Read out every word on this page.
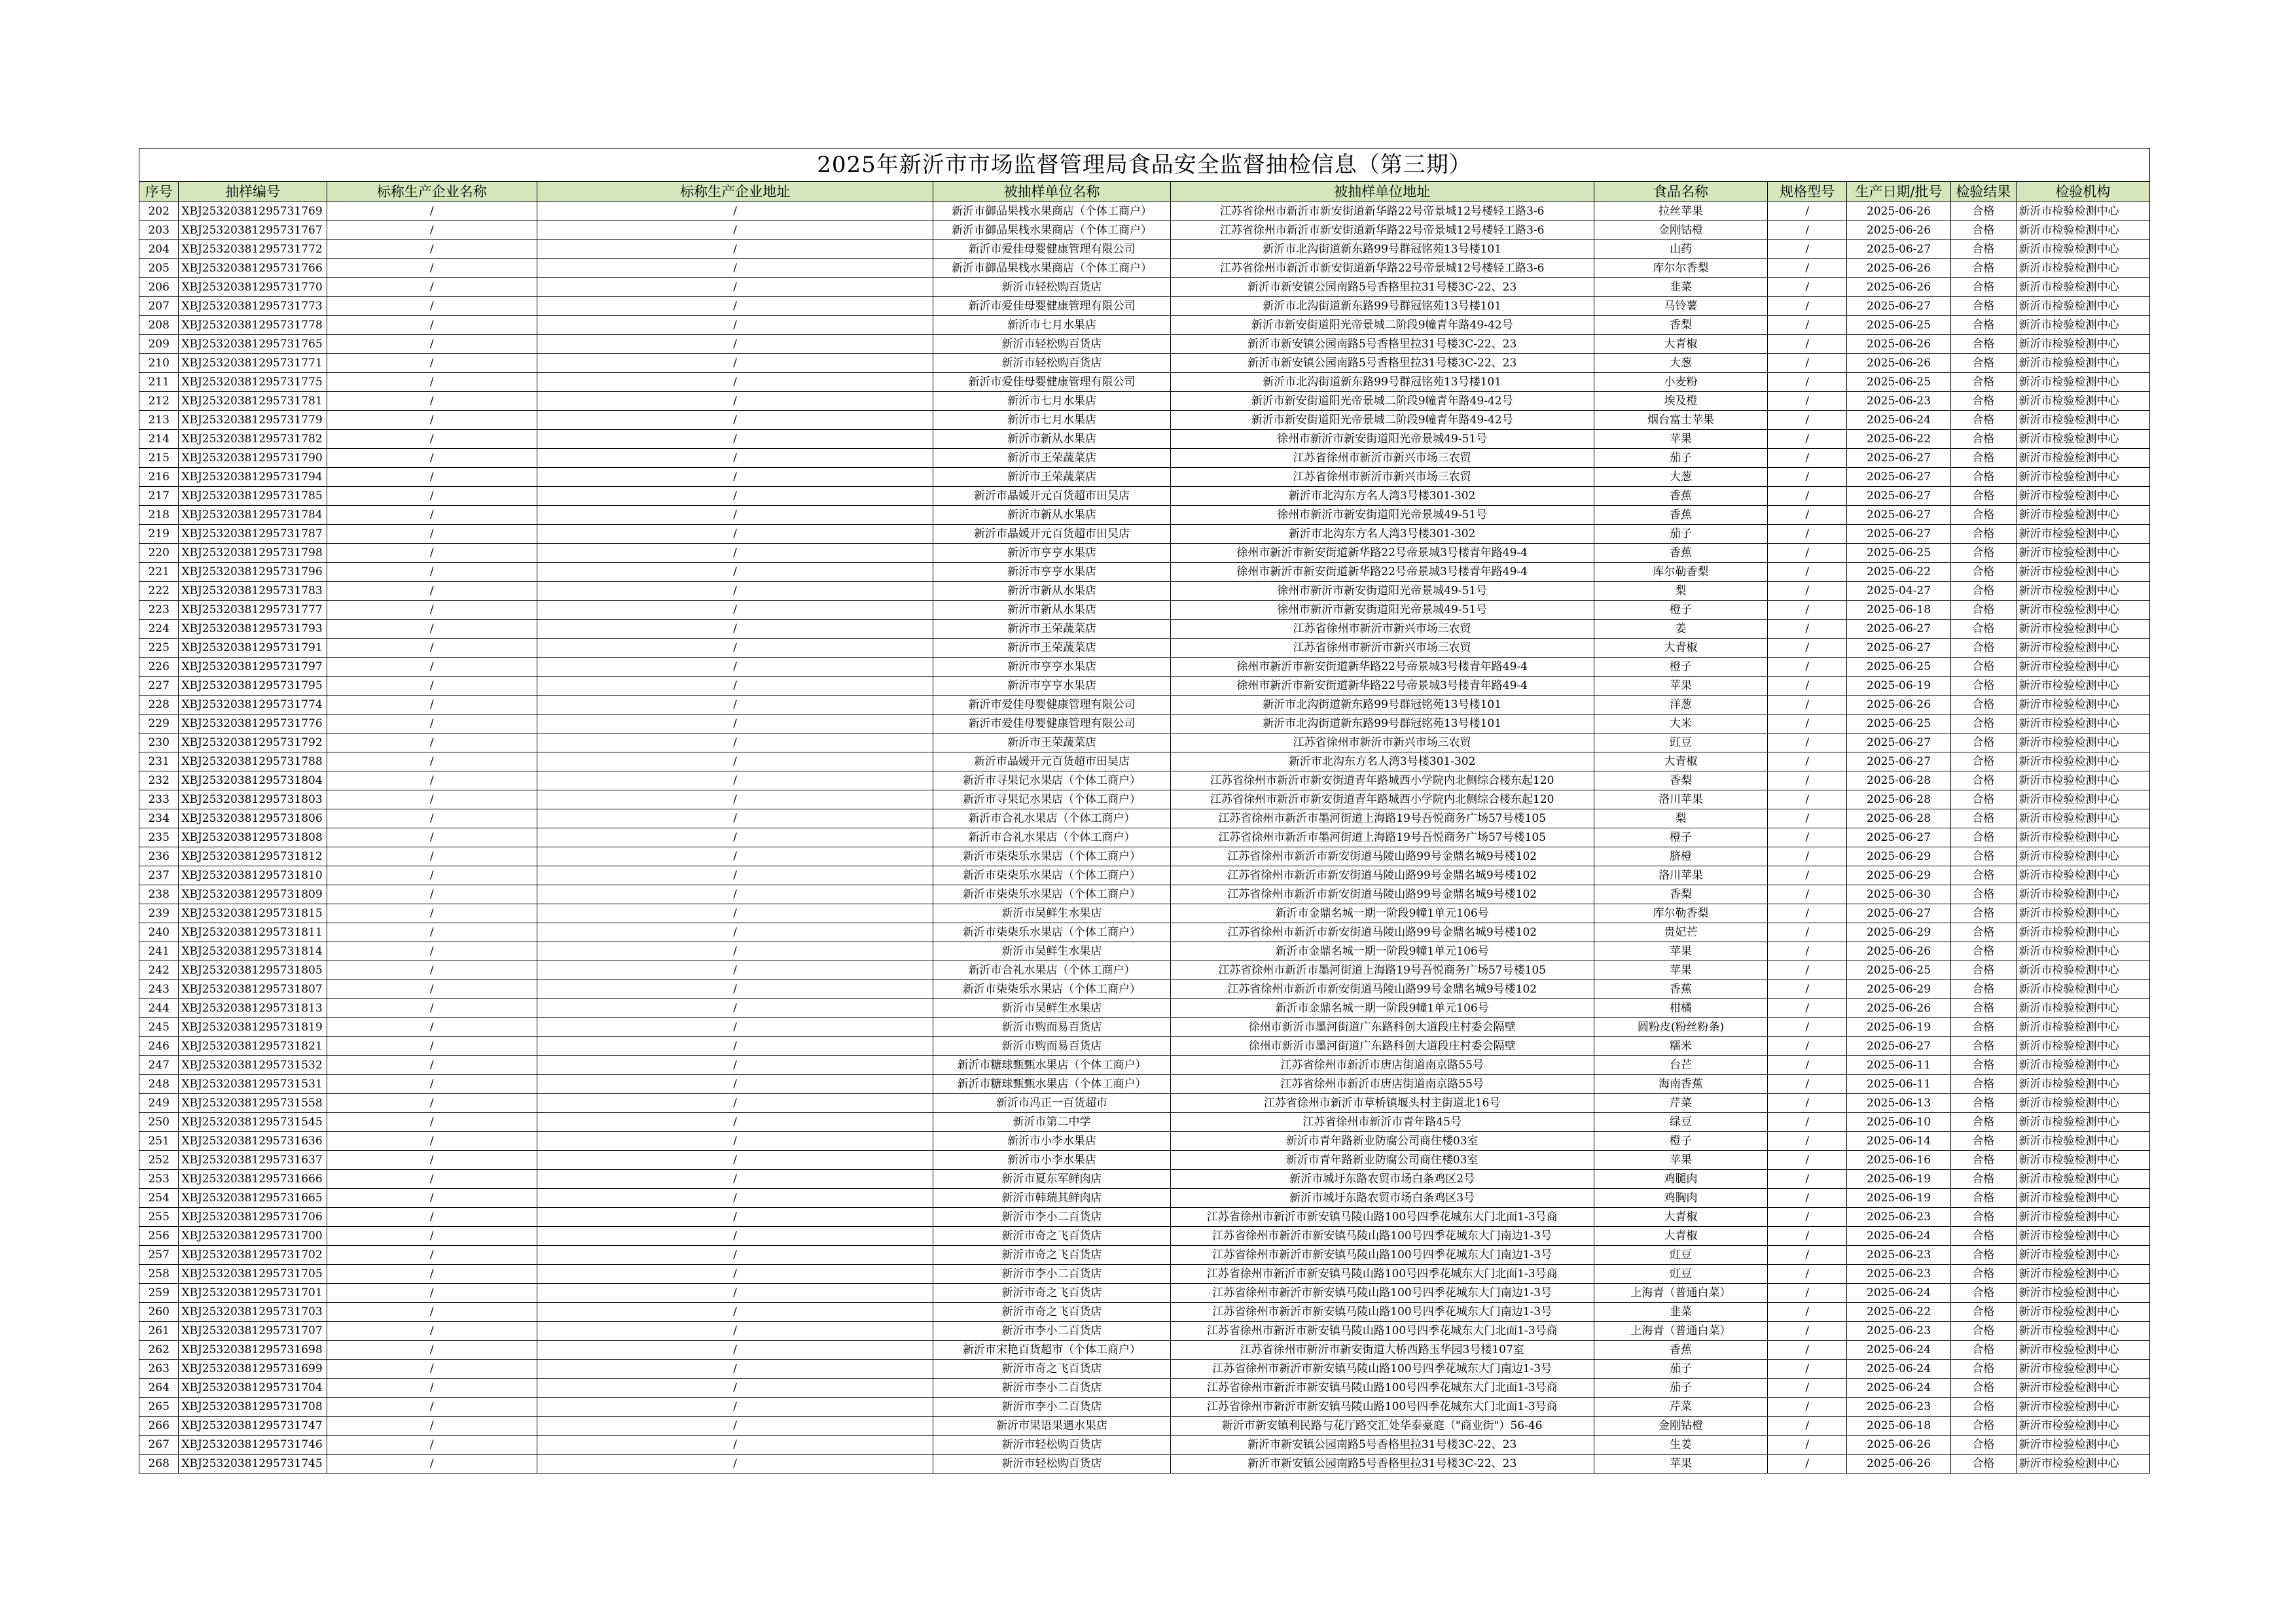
2025年新沂市市场监督管理局食品安全监督抽检信息（第三期）										
序号	抽样编号	标称生产企业名称	标称生产企业地址	被抽样单位名称	被抽样单位地址	食品名称	规格型号	生产日期/批号	检验结果	检验机构
202	XBJ25320381295731769	/	/	新沂市御品果栈水果商店（个体工商户）	江苏省徐州市新沂市新安街道新华路22号帝景城12号楼轻工路3-6	拉丝苹果	/	2025-06-26	合格	新沂市检验检测中心
203	XBJ25320381295731767	/	/	新沂市御品果栈水果商店（个体工商户）	江苏省徐州市新沂市新安街道新华路22号帝景城12号楼轻工路3-6	金刚钴橙	/	2025-06-26	合格	新沂市检验检测中心
204	XBJ25320381295731772	/	/	新沂市爱佳母婴健康管理有限公司	新沂市北沟街道新东路99号群冠铭苑13号楼101	山药	/	2025-06-27	合格	新沂市检验检测中心
205	XBJ25320381295731766	/	/	新沂市御品果栈水果商店（个体工商户）	江苏省徐州市新沂市新安街道新华路22号帝景城12号楼轻工路3-6	库尔尔香梨	/	2025-06-26	合格	新沂市检验检测中心
206	XBJ25320381295731770	/	/	新沂市轻松购百货店	新沂市新安镇公园南路5号香格里拉31号楼3C-22、23	韭菜	/	2025-06-26	合格	新沂市检验检测中心
207	XBJ25320381295731773	/	/	新沂市爱佳母婴健康管理有限公司	新沂市北沟街道新东路99号群冠铭苑13号楼101	马铃薯	/	2025-06-27	合格	新沂市检验检测中心
208	XBJ25320381295731778	/	/	新沂市七月水果店	新沂市新安街道阳光帝景城二阶段9幢青年路49-42号	香梨	/	2025-06-25	合格	新沂市检验检测中心
209	XBJ25320381295731765	/	/	新沂市轻松购百货店	新沂市新安镇公园南路5号香格里拉31号楼3C-22、23	大青椒	/	2025-06-26	合格	新沂市检验检测中心
210	XBJ25320381295731771	/	/	新沂市轻松购百货店	新沂市新安镇公园南路5号香格里拉31号楼3C-22、23	大葱	/	2025-06-26	合格	新沂市检验检测中心
211	XBJ25320381295731775	/	/	新沂市爱佳母婴健康管理有限公司	新沂市北沟街道新东路99号群冠铭苑13号楼101	小麦粉	/	2025-06-25	合格	新沂市检验检测中心
212	XBJ25320381295731781	/	/	新沂市七月水果店	新沂市新安街道阳光帝景城二阶段9幢青年路49-42号	埃及橙	/	2025-06-23	合格	新沂市检验检测中心
213	XBJ25320381295731779	/	/	新沂市七月水果店	新沂市新安街道阳光帝景城二阶段9幢青年路49-42号	烟台富士苹果	/	2025-06-24	合格	新沂市检验检测中心
214	XBJ25320381295731782	/	/	新沂市新从水果店	徐州市新沂市新安街道阳光帝景城49-51号	苹果	/	2025-06-22	合格	新沂市检验检测中心
215	XBJ25320381295731790	/	/	新沂市王荣蔬菜店	江苏省徐州市新沂市新兴市场三农贸	茄子	/	2025-06-27	合格	新沂市检验检测中心
216	XBJ25320381295731794	/	/	新沂市王荣蔬菜店	江苏省徐州市新沂市新兴市场三农贸	大葱	/	2025-06-27	合格	新沂市检验检测中心
217	XBJ25320381295731785	/	/	新沂市晶媛开元百货超市田吴店	新沂市北沟东方名人湾3号楼301-302	香蕉	/	2025-06-27	合格	新沂市检验检测中心
218	XBJ25320381295731784	/	/	新沂市新从水果店	徐州市新沂市新安街道阳光帝景城49-51号	香蕉	/	2025-06-27	合格	新沂市检验检测中心
219	XBJ25320381295731787	/	/	新沂市晶媛开元百货超市田吴店	新沂市北沟东方名人湾3号楼301-302	茄子	/	2025-06-27	合格	新沂市检验检测中心
220	XBJ25320381295731798	/	/	新沂市亨亨水果店	徐州市新沂市新安街道新华路22号帝景城3号楼青年路49-4	香蕉	/	2025-06-25	合格	新沂市检验检测中心
221	XBJ25320381295731796	/	/	新沂市亨亨水果店	徐州市新沂市新安街道新华路22号帝景城3号楼青年路49-4	库尔勒香梨	/	2025-06-22	合格	新沂市检验检测中心
222	XBJ25320381295731783	/	/	新沂市新从水果店	徐州市新沂市新安街道阳光帝景城49-51号	梨	/	2025-04-27	合格	新沂市检验检测中心
223	XBJ25320381295731777	/	/	新沂市新从水果店	徐州市新沂市新安街道阳光帝景城49-51号	橙子	/	2025-06-18	合格	新沂市检验检测中心
224	XBJ25320381295731793	/	/	新沂市王荣蔬菜店	江苏省徐州市新沂市新兴市场三农贸	姜	/	2025-06-27	合格	新沂市检验检测中心
225	XBJ25320381295731791	/	/	新沂市王荣蔬菜店	江苏省徐州市新沂市新兴市场三农贸	大青椒	/	2025-06-27	合格	新沂市检验检测中心
226	XBJ25320381295731797	/	/	新沂市亨亨水果店	徐州市新沂市新安街道新华路22号帝景城3号楼青年路49-4	橙子	/	2025-06-25	合格	新沂市检验检测中心
227	XBJ25320381295731795	/	/	新沂市亨亨水果店	徐州市新沂市新安街道新华路22号帝景城3号楼青年路49-4	苹果	/	2025-06-19	合格	新沂市检验检测中心
228	XBJ25320381295731774	/	/	新沂市爱佳母婴健康管理有限公司	新沂市北沟街道新东路99号群冠铭苑13号楼101	洋葱	/	2025-06-26	合格	新沂市检验检测中心
229	XBJ25320381295731776	/	/	新沂市爱佳母婴健康管理有限公司	新沂市北沟街道新东路99号群冠铭苑13号楼101	大米	/	2025-06-25	合格	新沂市检验检测中心
230	XBJ25320381295731792	/	/	新沂市王荣蔬菜店	江苏省徐州市新沂市新兴市场三农贸	豇豆	/	2025-06-27	合格	新沂市检验检测中心
231	XBJ25320381295731788	/	/	新沂市晶媛开元百货超市田吴店	新沂市北沟东方名人湾3号楼301-302	大青椒	/	2025-06-27	合格	新沂市检验检测中心
232	XBJ25320381295731804	/	/	新沂市寻果记水果店（个体工商户）	江苏省徐州市新沂市新安街道青年路城西小学院内北侧综合楼东起120	香梨	/	2025-06-28	合格	新沂市检验检测中心
233	XBJ25320381295731803	/	/	新沂市寻果记水果店（个体工商户）	江苏省徐州市新沂市新安街道青年路城西小学院内北侧综合楼东起120	洛川苹果	/	2025-06-28	合格	新沂市检验检测中心
234	XBJ25320381295731806	/	/	新沂市合礼水果店（个体工商户）	江苏省徐州市新沂市墨河街道上海路19号吾悦商务广场57号楼105	梨	/	2025-06-28	合格	新沂市检验检测中心
235	XBJ25320381295731808	/	/	新沂市合礼水果店（个体工商户）	江苏省徐州市新沂市墨河街道上海路19号吾悦商务广场57号楼105	橙子	/	2025-06-27	合格	新沂市检验检测中心
236	XBJ25320381295731812	/	/	新沂市柒柒乐水果店（个体工商户）	江苏省徐州市新沂市新安街道马陵山路99号金鼎名城9号楼102	脐橙	/	2025-06-29	合格	新沂市检验检测中心
237	XBJ25320381295731810	/	/	新沂市柒柒乐水果店（个体工商户）	江苏省徐州市新沂市新安街道马陵山路99号金鼎名城9号楼102	洛川苹果	/	2025-06-29	合格	新沂市检验检测中心
238	XBJ25320381295731809	/	/	新沂市柒柒乐水果店（个体工商户）	江苏省徐州市新沂市新安街道马陵山路99号金鼎名城9号楼102	香梨	/	2025-06-30	合格	新沂市检验检测中心
239	XBJ25320381295731815	/	/	新沂市吴鲜生水果店	新沂市金鼎名城一期一阶段9幢1单元106号	库尔勒香梨	/	2025-06-27	合格	新沂市检验检测中心
240	XBJ25320381295731811	/	/	新沂市柒柒乐水果店（个体工商户）	江苏省徐州市新沂市新安街道马陵山路99号金鼎名城9号楼102	贵妃芒	/	2025-06-29	合格	新沂市检验检测中心
241	XBJ25320381295731814	/	/	新沂市吴鲜生水果店	新沂市金鼎名城一期一阶段9幢1单元106号	苹果	/	2025-06-26	合格	新沂市检验检测中心
242	XBJ25320381295731805	/	/	新沂市合礼水果店（个体工商户）	江苏省徐州市新沂市墨河街道上海路19号吾悦商务广场57号楼105	苹果	/	2025-06-25	合格	新沂市检验检测中心
243	XBJ25320381295731807	/	/	新沂市柒柒乐水果店（个体工商户）	江苏省徐州市新沂市新安街道马陵山路99号金鼎名城9号楼102	香蕉	/	2025-06-29	合格	新沂市检验检测中心
244	XBJ25320381295731813	/	/	新沂市吴鲜生水果店	新沂市金鼎名城一期一阶段9幢1单元106号	柑橘	/	2025-06-26	合格	新沂市检验检测中心
245	XBJ25320381295731819	/	/	新沂市购而易百货店	徐州市新沂市墨河街道广东路科创大道段庄村委会隔壁	圆粉皮(粉丝粉条)	/	2025-06-19	合格	新沂市检验检测中心
246	XBJ25320381295731821	/	/	新沂市购而易百货店	徐州市新沂市墨河街道广东路科创大道段庄村委会隔壁	糯米	/	2025-06-27	合格	新沂市检验检测中心
247	XBJ25320381295731532	/	/	新沂市糖球甄甄水果店（个体工商户）	江苏省徐州市新沂市唐店街道南京路55号	台芒	/	2025-06-11	合格	新沂市检验检测中心
248	XBJ25320381295731531	/	/	新沂市糖球甄甄水果店（个体工商户）	江苏省徐州市新沂市唐店街道南京路55号	海南香蕉	/	2025-06-11	合格	新沂市检验检测中心
249	XBJ25320381295731558	/	/	新沂市冯正一百货超市	江苏省徐州市新沂市草桥镇堰头村主街道北16号	芹菜	/	2025-06-13	合格	新沂市检验检测中心
250	XBJ25320381295731545	/	/	新沂市第二中学	江苏省徐州市新沂市青年路45号	绿豆	/	2025-06-10	合格	新沂市检验检测中心
251	XBJ25320381295731636	/	/	新沂市小李水果店	新沂市青年路新业防腐公司商住楼03室	橙子	/	2025-06-14	合格	新沂市检验检测中心
252	XBJ25320381295731637	/	/	新沂市小李水果店	新沂市青年路新业防腐公司商住楼03室	苹果	/	2025-06-16	合格	新沂市检验检测中心
253	XBJ25320381295731666	/	/	新沂市夏东军鲜肉店	新沂市城圩东路农贸市场白条鸡区2号	鸡腿肉	/	2025-06-19	合格	新沂市检验检测中心
254	XBJ25320381295731665	/	/	新沂市韩瑞其鲜肉店	新沂市城圩东路农贸市场白条鸡区3号	鸡胸肉	/	2025-06-19	合格	新沂市检验检测中心
255	XBJ25320381295731706	/	/	新沂市李小二百货店	江苏省徐州市新沂市新安镇马陵山路100号四季花城东大门北面1-3号商	大青椒	/	2025-06-23	合格	新沂市检验检测中心
256	XBJ25320381295731700	/	/	新沂市奇之飞百货店	江苏省徐州市新沂市新安镇马陵山路100号四季花城东大门南边1-3号	大青椒	/	2025-06-24	合格	新沂市检验检测中心
257	XBJ25320381295731702	/	/	新沂市奇之飞百货店	江苏省徐州市新沂市新安镇马陵山路100号四季花城东大门南边1-3号	豇豆	/	2025-06-23	合格	新沂市检验检测中心
258	XBJ25320381295731705	/	/	新沂市李小二百货店	江苏省徐州市新沂市新安镇马陵山路100号四季花城东大门北面1-3号商	豇豆	/	2025-06-23	合格	新沂市检验检测中心
259	XBJ25320381295731701	/	/	新沂市奇之飞百货店	江苏省徐州市新沂市新安镇马陵山路100号四季花城东大门南边1-3号	上海青（普通白菜）	/	2025-06-24	合格	新沂市检验检测中心
260	XBJ25320381295731703	/	/	新沂市奇之飞百货店	江苏省徐州市新沂市新安镇马陵山路100号四季花城东大门南边1-3号	韭菜	/	2025-06-22	合格	新沂市检验检测中心
261	XBJ25320381295731707	/	/	新沂市李小二百货店	江苏省徐州市新沂市新安镇马陵山路100号四季花城东大门北面1-3号商	上海青（普通白菜）	/	2025-06-23	合格	新沂市检验检测中心
262	XBJ25320381295731698	/	/	新沂市宋艳百货超市（个体工商户）	江苏省徐州市新沂市新安街道大桥西路玉华园3号楼107室	香蕉	/	2025-06-24	合格	新沂市检验检测中心
263	XBJ25320381295731699	/	/	新沂市奇之飞百货店	江苏省徐州市新沂市新安镇马陵山路100号四季花城东大门南边1-3号	茄子	/	2025-06-24	合格	新沂市检验检测中心
264	XBJ25320381295731704	/	/	新沂市李小二百货店	江苏省徐州市新沂市新安镇马陵山路100号四季花城东大门北面1-3号商	茄子	/	2025-06-24	合格	新沂市检验检测中心
265	XBJ25320381295731708	/	/	新沂市李小二百货店	江苏省徐州市新沂市新安镇马陵山路100号四季花城东大门北面1-3号商	芹菜	/	2025-06-23	合格	新沂市检验检测中心
266	XBJ25320381295731747	/	/	新沂市果语果遇水果店	新沂市新安镇利民路与花厅路交汇处华泰豪庭（"商业街"）56-46	金刚钴橙	/	2025-06-18	合格	新沂市检验检测中心
267	XBJ25320381295731746	/	/	新沂市轻松购百货店	新沂市新安镇公园南路5号香格里拉31号楼3C-22、23	生姜	/	2025-06-26	合格	新沂市检验检测中心
268	XBJ25320381295731745	/	/	新沂市轻松购百货店	新沂市新安镇公园南路5号香格里拉31号楼3C-22、23	苹果	/	2025-06-26	合格	新沂市检验检测中心
